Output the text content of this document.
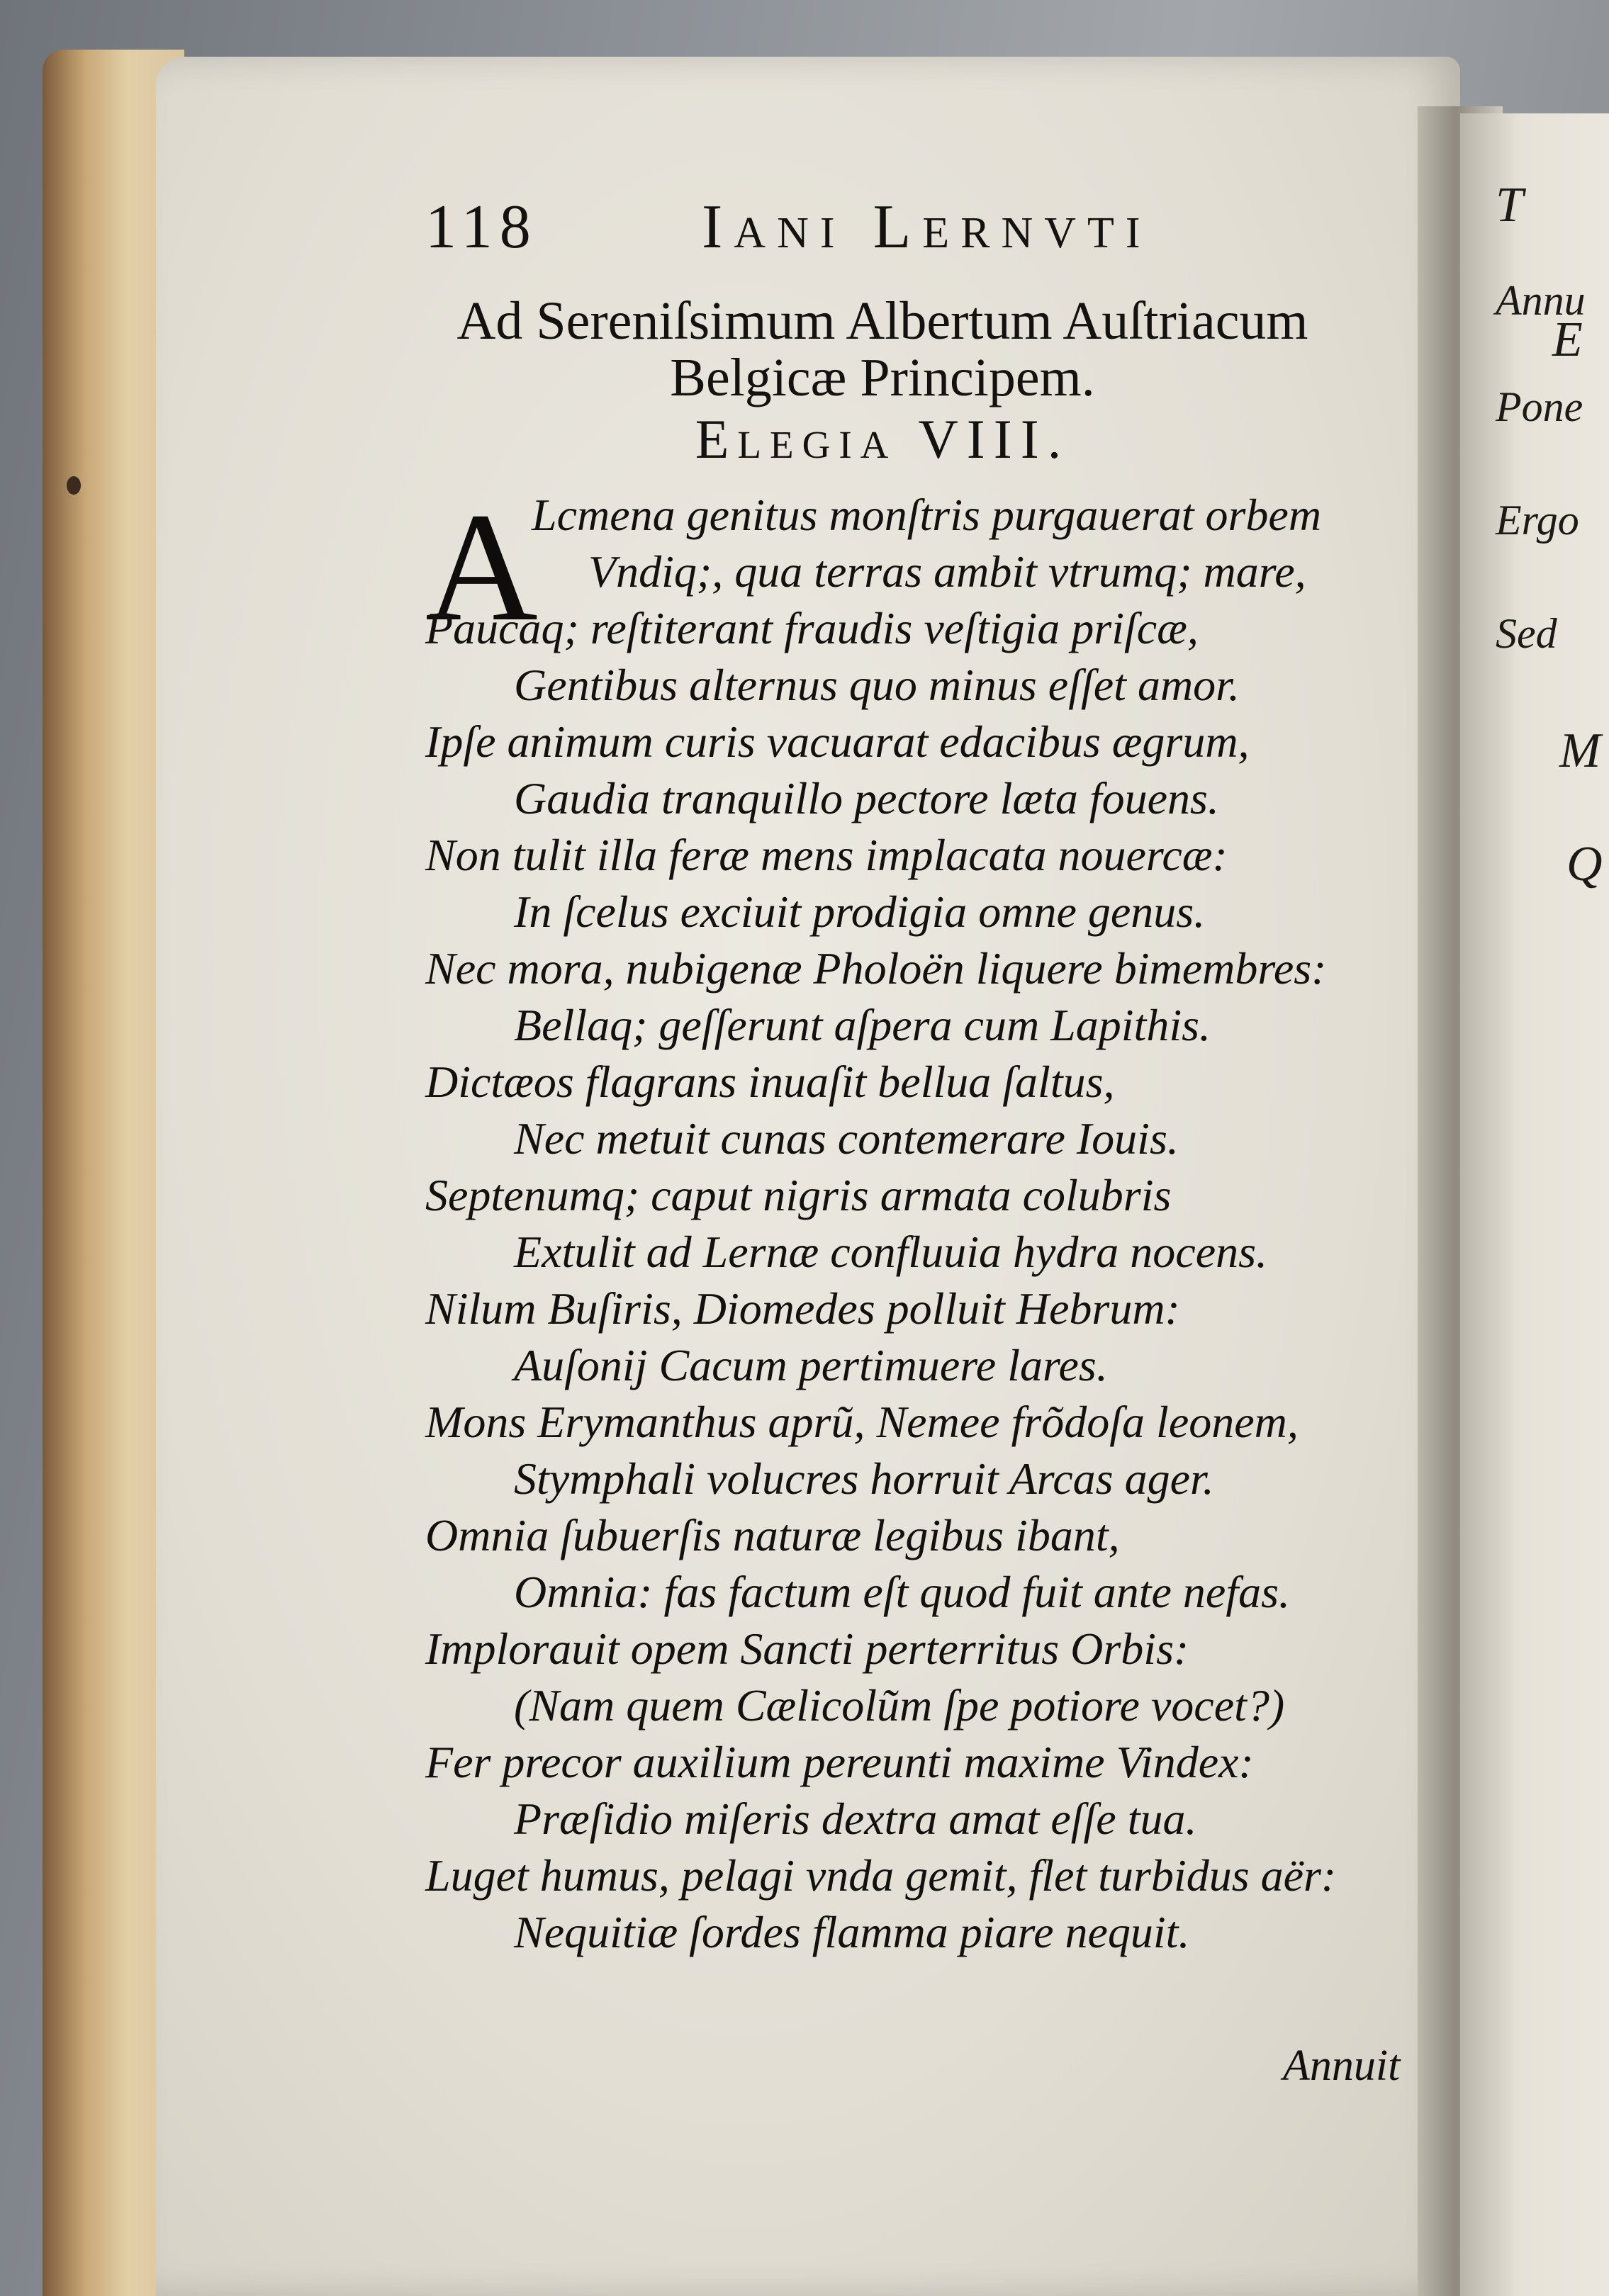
T
Annu
E
Pone
Ergo
Sed
M
Q
118	Iani Lernvti
Ad Sereniſsimum Albertum Auſtriacum
Belgicæ Principem.
Elegia VIII.
A
Lcmena genitus monſtris purgauerat orbem
Vndiq;, qua terras ambit vtrumq; mare,
Paucaq; reſtiterant fraudis veſtigia priſcæ,
Gentibus alternus quo minus eſſet amor.
Ipſe animum curis vacuarat edacibus ægrum,
Gaudia tranquillo pectore læta fouens.
Non tulit illa feræ mens implacata nouercæ:
In ſcelus exciuit prodigia omne genus.
Nec mora, nubigenæ Pholoën liquere bimembres:
Bellaq; geſſerunt aſpera cum Lapithis.
Dictæos flagrans inuaſit bellua ſaltus,
Nec metuit cunas contemerare Iouis.
Septenumq; caput nigris armata colubris
Extulit ad Lernæ confluuia hydra nocens.
Nilum Buſiris, Diomedes polluit Hebrum:
Auſonij Cacum pertimuere lares.
Mons Erymanthus aprũ, Nemee frõdoſa leonem,
Stymphali volucres horruit Arcas ager.
Omnia ſubuerſis naturæ legibus ibant,
Omnia: fas factum eſt quod fuit ante nefas.
Implorauit opem Sancti perterritus Orbis:
(Nam quem Cælicolũm ſpe potiore vocet?)
Fer precor auxilium pereunti maxime Vindex:
Præſidio miſeris dextra amat eſſe tua.
Luget humus, pelagi vnda gemit, flet turbidus aër:
Nequitiæ ſordes flamma piare nequit.
Annuit
